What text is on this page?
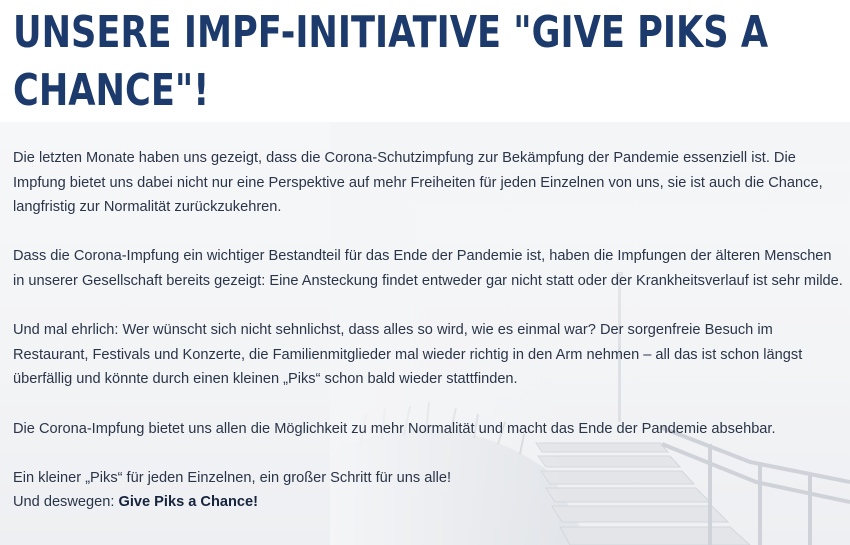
UNSERE IMPF-INITIATIVE "GIVE PIKS A CHANCE"!

Die letzten Monate haben uns gezeigt, dass die Corona-Schutzimpfung zur Bekämpfung der Pandemie essenziell ist. Die Impfung bietet uns dabei nicht nur eine Perspektive auf mehr Freiheiten für jeden Einzelnen von uns, sie ist auch die Chance, langfristig zur Normalität zurückzukehren.

Dass die Corona-Impfung ein wichtiger Bestandteil für das Ende der Pandemie ist, haben die Impfungen der älteren Menschen in unserer Gesellschaft bereits gezeigt: Eine Ansteckung findet entweder gar nicht statt oder der Krankheitsverlauf ist sehr milde.

Und mal ehrlich: Wer wünscht sich nicht sehnlichst, dass alles so wird, wie es einmal war? Der sorgenfreie Besuch im Restaurant, Festivals und Konzerte, die Familienmitglieder mal wieder richtig in den Arm nehmen – all das ist schon längst überfällig und könnte durch einen kleinen „Piks“ schon bald wieder stattfinden.

Die Corona-Impfung bietet uns allen die Möglichkeit zu mehr Normalität und macht das Ende der Pandemie absehbar.

Ein kleiner „Piks“ für jeden Einzelnen, ein großer Schritt für uns alle!
Und deswegen: Give Piks a Chance!
